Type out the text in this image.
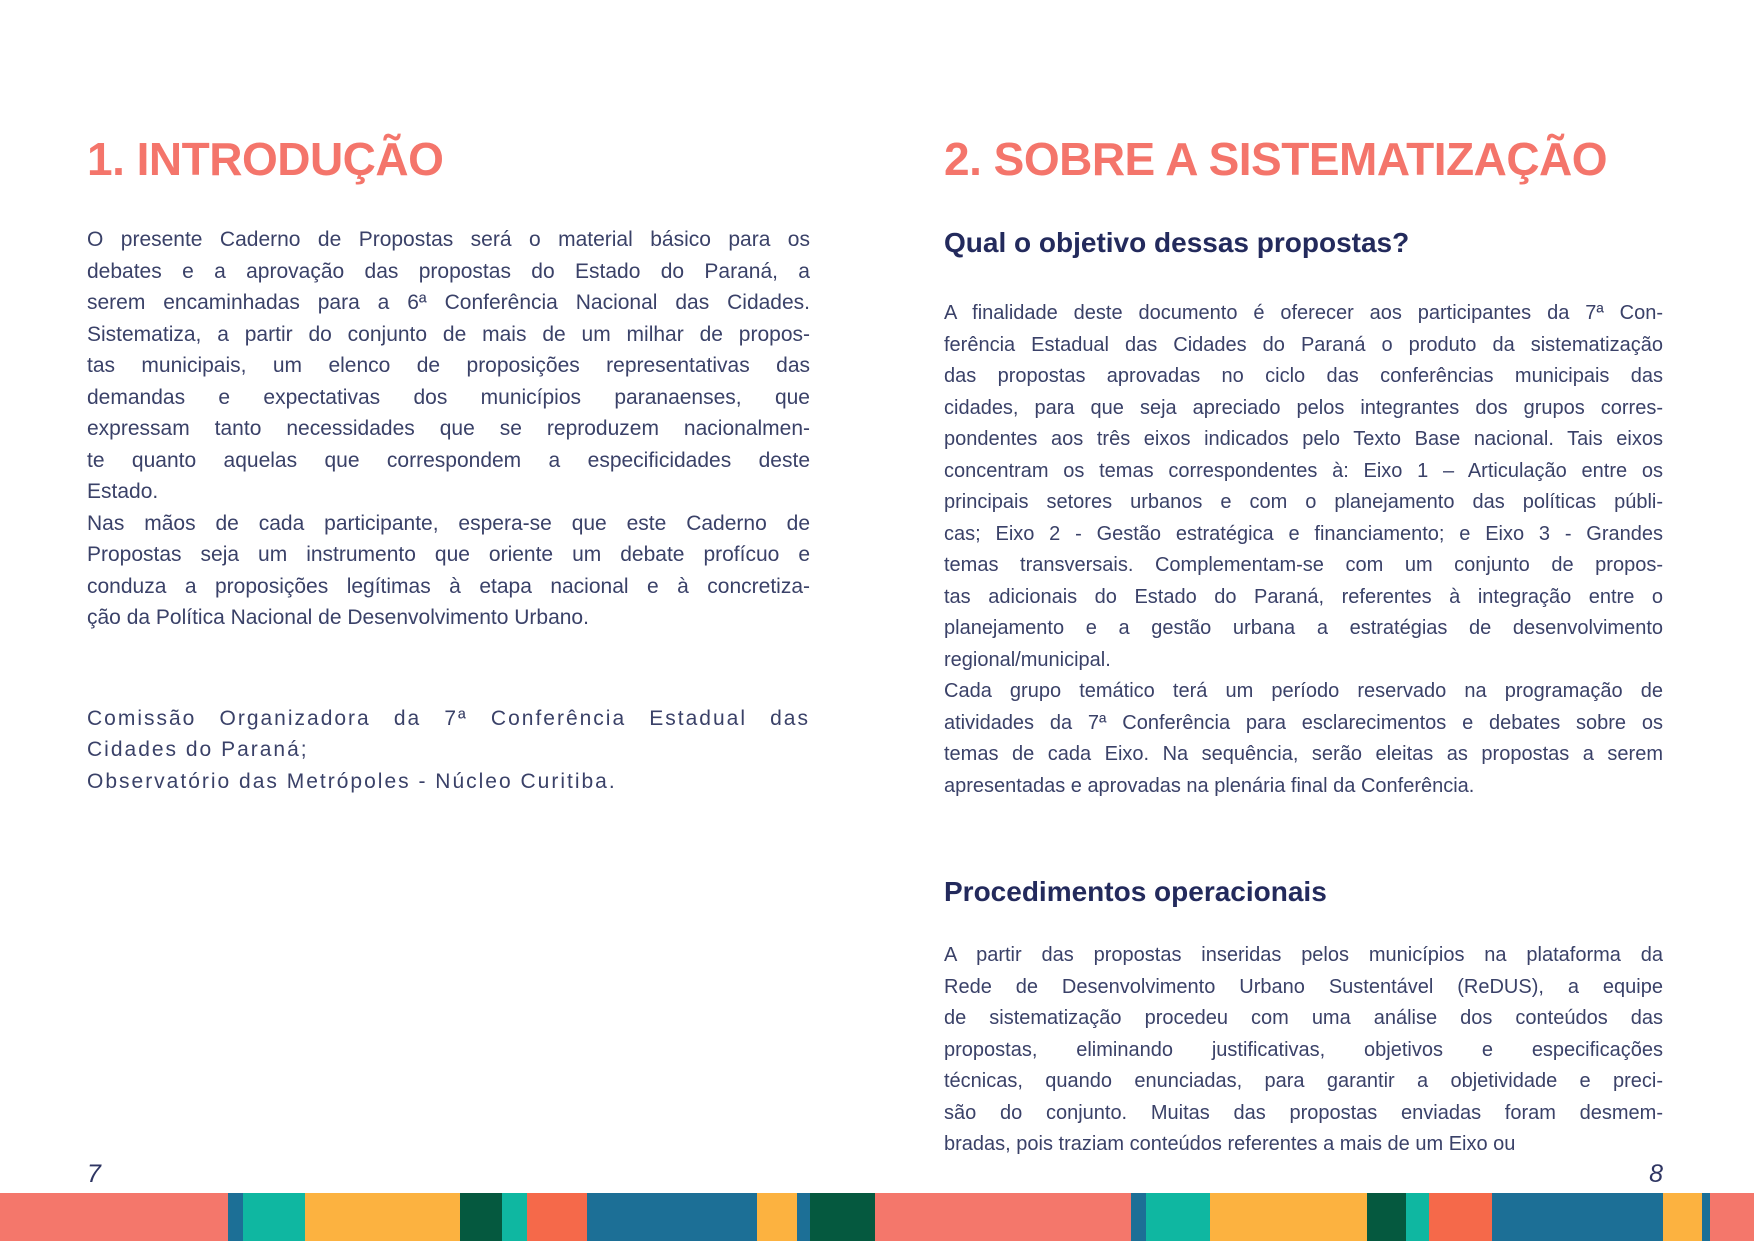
1. INTRODUÇÃO	2. SOBRE A SISTEMATIZAÇÃO
O presente Caderno de Propostas será o material básico para os
debates e a aprovação das propostas do Estado do Paraná, a
serem encaminhadas para a 6ª Conferência Nacional das Cidades.
Sistematiza, a partir do conjunto de mais de um milhar de propos-
tas municipais, um elenco de proposições representativas das
demandas e expectativas dos municípios paranaenses, que
expressam tanto necessidades que se reproduzem nacionalmen-
te quanto aquelas que correspondem a especificidades deste
Estado.
Nas mãos de cada participante, espera-se que este Caderno de
Propostas seja um instrumento que oriente um debate profícuo e
conduza a proposições legítimas à etapa nacional e à concretiza-
ção da Política Nacional de Desenvolvimento Urbano.
Comissão Organizadora da 7ª Conferência Estadual das
Cidades do Paraná;
Observatório das Metrópoles - Núcleo Curitiba.
Qual o objetivo dessas propostas?
A finalidade deste documento é oferecer aos participantes da 7ª Con-
ferência Estadual das Cidades do Paraná o produto da sistematização
das propostas aprovadas no ciclo das conferências municipais das
cidades, para que seja apreciado pelos integrantes dos grupos corres-
pondentes aos três eixos indicados pelo Texto Base nacional. Tais eixos
concentram os temas correspondentes à: Eixo 1 – Articulação entre os
principais setores urbanos e com o planejamento das políticas públi-
cas; Eixo 2 - Gestão estratégica e financiamento; e Eixo 3 - Grandes
temas transversais. Complementam-se com um conjunto de propos-
tas adicionais do Estado do Paraná, referentes à integração entre o
planejamento e a gestão urbana a estratégias de desenvolvimento
regional/municipal.
Cada grupo temático terá um período reservado na programação de
atividades da 7ª Conferência para esclarecimentos e debates sobre os
temas de cada Eixo. Na sequência, serão eleitas as propostas a serem
apresentadas e aprovadas na plenária final da Conferência.
Procedimentos operacionais
A partir das propostas inseridas pelos municípios na plataforma da
Rede de Desenvolvimento Urbano Sustentável (ReDUS), a equipe
de sistematização procedeu com uma análise dos conteúdos das
propostas, eliminando justificativas, objetivos e especificações
técnicas, quando enunciadas, para garantir a objetividade e preci-
são do conjunto. Muitas das propostas enviadas foram desmem-
bradas, pois traziam conteúdos referentes a mais de um Eixo ou
7	8
